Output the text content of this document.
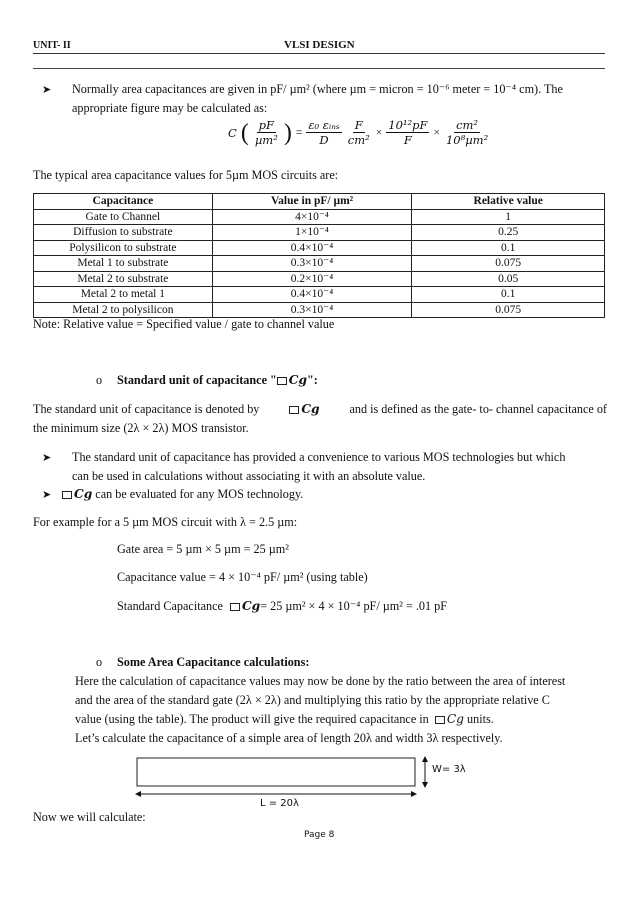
UNIT- II	VLSI DESIGN
➤ Normally area capacitances are given in pF/ µm² (where µm = micron = 10⁻⁶ meter = 10⁻⁴ cm). The
appropriate figure may be calculated as:
C ( $\frac{pF}{\text{µm²}}$ ) = $\frac{\text{ε₀ εᵢₙₛ}}{D} \frac{F}{\text{cm²}} \times \frac{\text{10¹²pF}}{F} \times \frac{\text{cm²}}{\text{10⁸µm²}}$
The typical area capacitance values for 5µm MOS circuits are:
Capacitance	Value in pF/ µm²	Relative value
Gate to Channel	4×10⁻⁴	1
Diffusion to substrate	1×10⁻⁴	0.25
Polysilicon to substrate	0.4×10⁻⁴	0.1
Metal 1 to substrate	0.3×10⁻⁴	0.075
Metal 2 to substrate	0.2×10⁻⁴	0.05
Metal 2 to metal 1	0.4×10⁻⁴	0.1
Metal 2 to polysilicon	0.3×10⁻⁴	0.075
Note: Relative value = Specified value / gate to channel value
o Standard unit of capacitance " Cg":
The standard unit of capacitance is denoted by	Cg and is defined as the gate- to- channel capacitance of
the minimum size (2λ × 2λ) MOS transistor.
➤ The standard unit of capacitance has provided a convenience to various MOS technologies but which
can be used in calculations without associating it with an absolute value.
➤	Cg can be evaluated for any MOS technology.
For example for a 5 µm MOS circuit with λ = 2.5 µm:
Gate area = 5 µm × 5 µm = 25 µm²
Capacitance value = 4 × 10⁻⁴ pF/ µm² (using table)
Standard Capacitance Cg= 25 µm² × 4 × 10⁻⁴ pF/ µm² = .01 pF
o Some Area Capacitance calculations:
Here the calculation of capacitance values may now be done by the ratio between the area of interest
and the area of the standard gate (2λ × 2λ) and multiplying this ratio by the appropriate relative C
value (using the table). The product will give the required capacitance in Cg units.
Let’s calculate the capacitance of a simple area of length 20λ and width 3λ respectively.
W= 3λ
L = 20λ
Now we will calculate:
Page 8
